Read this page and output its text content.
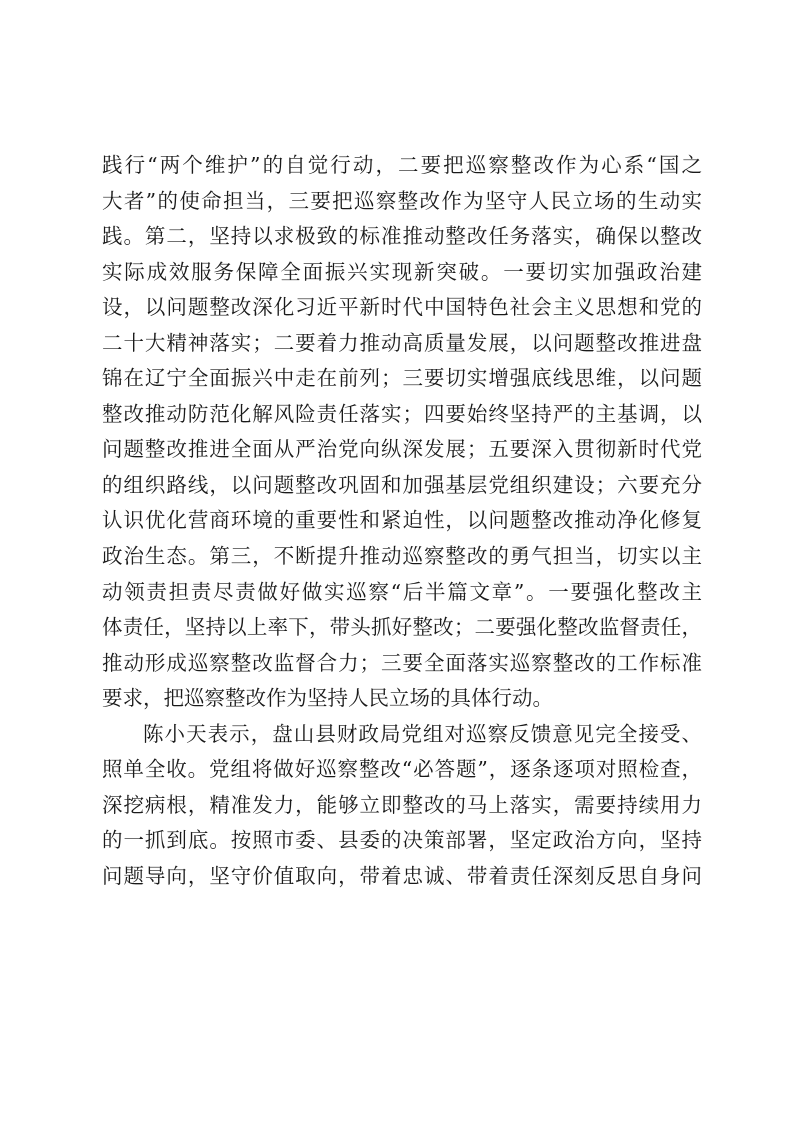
践行“两个维护”的自觉行动，二要把巡察整改作为心系“国之
大者”的使命担当，三要把巡察整改作为坚守人民立场的生动实
践。第二，坚持以求极致的标准推动整改任务落实，确保以整改
实际成效服务保障全面振兴实现新突破。一要切实加强政治建
设，以问题整改深化习近平新时代中国特色社会主义思想和党的
二十大精神落实；二要着力推动高质量发展，以问题整改推进盘
锦在辽宁全面振兴中走在前列；三要切实增强底线思维，以问题
整改推动防范化解风险责任落实；四要始终坚持严的主基调，以
问题整改推进全面从严治党向纵深发展；五要深入贯彻新时代党
的组织路线，以问题整改巩固和加强基层党组织建设；六要充分
认识优化营商环境的重要性和紧迫性，以问题整改推动净化修复
政治生态。第三，不断提升推动巡察整改的勇气担当，切实以主
动领责担责尽责做好做实巡察“后半篇文章”。一要强化整改主
体责任，坚持以上率下，带头抓好整改；二要强化整改监督责任，
推动形成巡察整改监督合力；三要全面落实巡察整改的工作标准
要求，把巡察整改作为坚持人民立场的具体行动。
陈小天表示，盘山县财政局党组对巡察反馈意见完全接受、
照单全收。党组将做好巡察整改“必答题”，逐条逐项对照检查，
深挖病根，精准发力，能够立即整改的马上落实，需要持续用力
的一抓到底。按照市委、县委的决策部署，坚定政治方向，坚持
问题导向，坚守价值取向，带着忠诚、带着责任深刻反思自身问
